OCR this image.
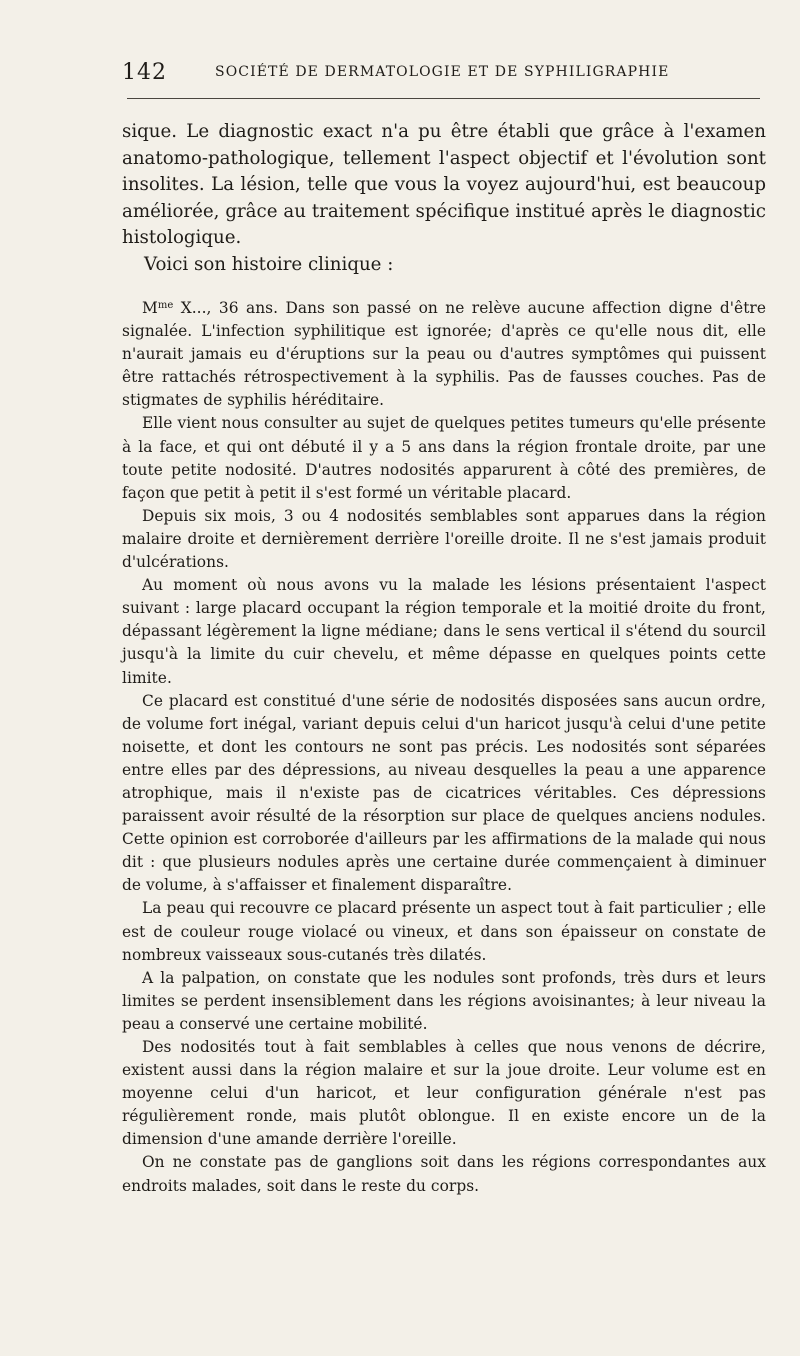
142	SOCIÉTÉ DE DERMATOLOGIE ET DE SYPHILIGRAPHIE

sique. Le diagnostic exact n'a pu être établi que grâce à l'examen anatomo-pathologique, tellement l'aspect objectif et l'évolution sont insolites. La lésion, telle que vous la voyez aujourd'hui, est beaucoup améliorée, grâce au traitement spécifique institué après le diagnostic histologique.

Voici son histoire clinique :

$M^{me}$ X..., 36 ans. Dans son passé on ne relève aucune affection digne d'être signalée. L'infection syphilitique est ignorée; d'après ce qu'elle nous dit, elle n'aurait jamais eu d'éruptions sur la peau ou d'autres symptômes qui puissent être rattachés rétrospectivement à la syphilis. Pas de fausses couches. Pas de stigmates de syphilis héréditaire.

Elle vient nous consulter au sujet de quelques petites tumeurs qu'elle présente à la face, et qui ont débuté il y a 5 ans dans la région frontale droite, par une toute petite nodosité. D'autres nodosités apparurent à côté des premières, de façon que petit à petit il s'est formé un véritable placard.

Depuis six mois, 3 ou 4 nodosités semblables sont apparues dans la région malaire droite et dernièrement derrière l'oreille droite. Il ne s'est jamais produit d'ulcérations.

Au moment où nous avons vu la malade les lésions présentaient l'aspect suivant : large placard occupant la région temporale et la moitié droite du front, dépassant légèrement la ligne médiane; dans le sens vertical il s'étend du sourcil jusqu'à la limite du cuir chevelu, et même dépasse en quelques points cette limite.

Ce placard est constitué d'une série de nodosités disposées sans aucun ordre, de volume fort inégal, variant depuis celui d'un haricot jusqu'à celui d'une petite noisette, et dont les contours ne sont pas précis. Les nodosités sont séparées entre elles par des dépressions, au niveau desquelles la peau a une apparence atrophique, mais il n'existe pas de cicatrices véritables. Ces dépressions paraissent avoir résulté de la résorption sur place de quelques anciens nodules. Cette opinion est corroborée d'ailleurs par les affirmations de la malade qui nous dit : que plusieurs nodules après une certaine durée commençaient à diminuer de volume, à s'affaisser et finalement disparaître.

La peau qui recouvre ce placard présente un aspect tout à fait particulier ; elle est de couleur rouge violacé ou vineux, et dans son épaisseur on constate de nombreux vaisseaux sous-cutanés très dilatés.

A la palpation, on constate que les nodules sont profonds, très durs et leurs limites se perdent insensiblement dans les régions avoisinantes; à leur niveau la peau a conservé une certaine mobilité.

Des nodosités tout à fait semblables à celles que nous venons de décrire, existent aussi dans la région malaire et sur la joue droite. Leur volume est en moyenne celui d'un haricot, et leur configuration générale n'est pas régulièrement ronde, mais plutôt oblongue. Il en existe encore un de la dimension d'une amande derrière l'oreille.

On ne constate pas de ganglions soit dans les régions correspondantes aux endroits malades, soit dans le reste du corps.
